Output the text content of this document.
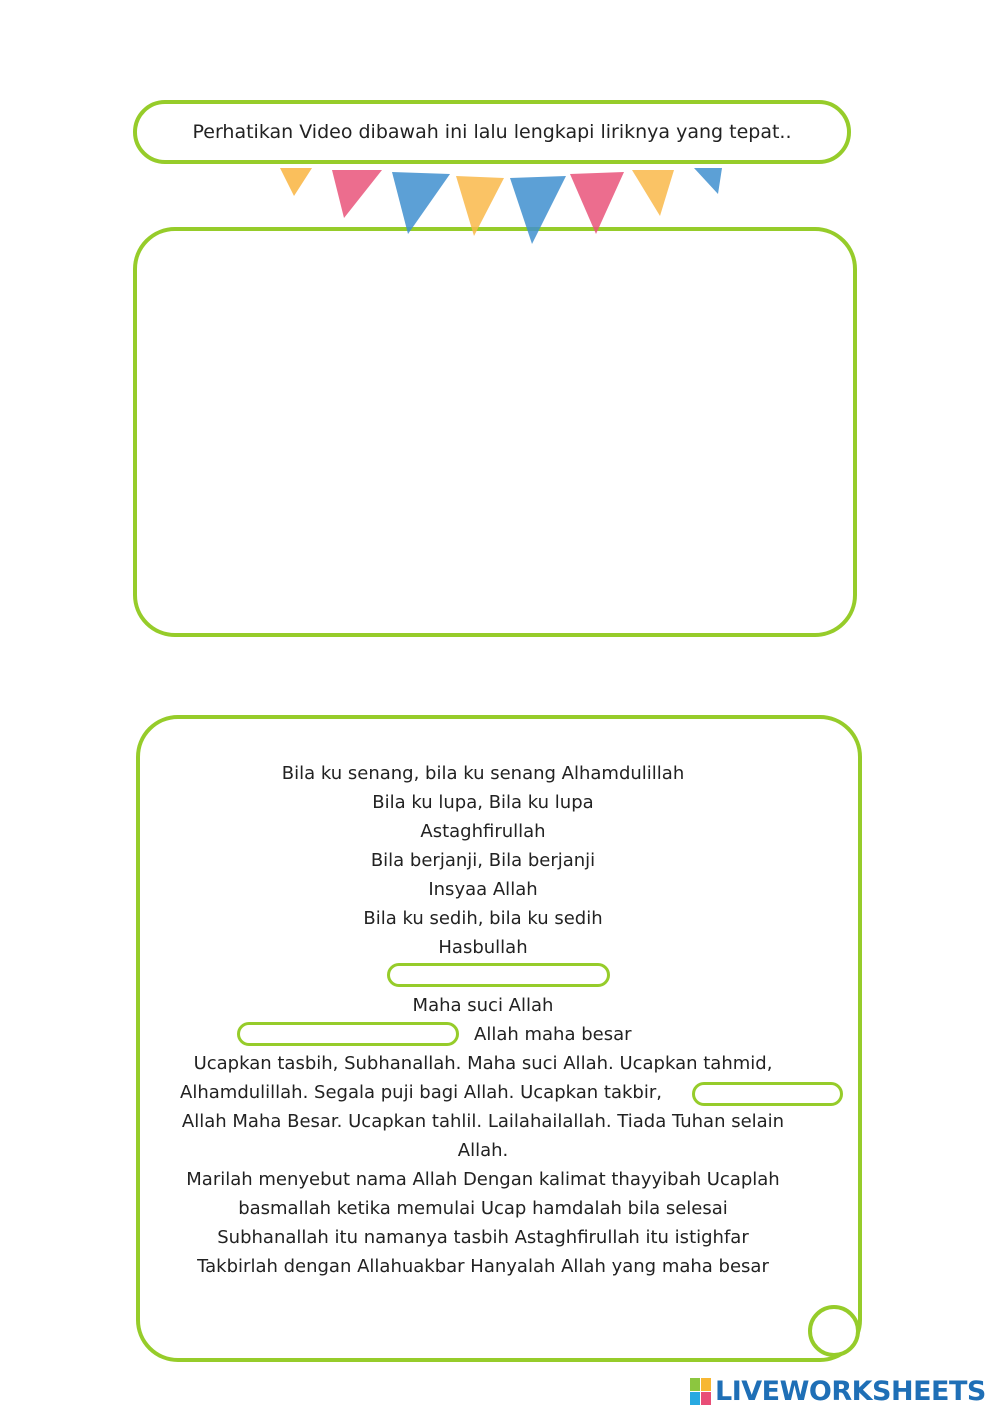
Perhatikan Video dibawah ini lalu lengkapi liriknya yang tepat..
Bila ku senang, bila ku senang Alhamdulillah
Bila ku lupa, Bila ku lupa
Astaghfirullah
Bila berjanji, Bila berjanji
Insyaa Allah
Bila ku sedih, bila ku sedih
Hasbullah
Maha suci Allah
Allah maha besar
Ucapkan tasbih, Subhanallah. Maha suci Allah. Ucapkan tahmid,
Alhamdulillah. Segala puji bagi Allah. Ucapkan takbir,
Allah Maha Besar. Ucapkan tahlil. Lailahailallah. Tiada Tuhan selain
Allah.
Marilah menyebut nama Allah Dengan kalimat thayyibah Ucaplah
basmallah ketika memulai Ucap hamdalah bila selesai
Subhanallah itu namanya tasbih Astaghfirullah itu istighfar
Takbirlah dengan Allahuakbar Hanyalah Allah yang maha besar
LIVEWORKSHEETS
